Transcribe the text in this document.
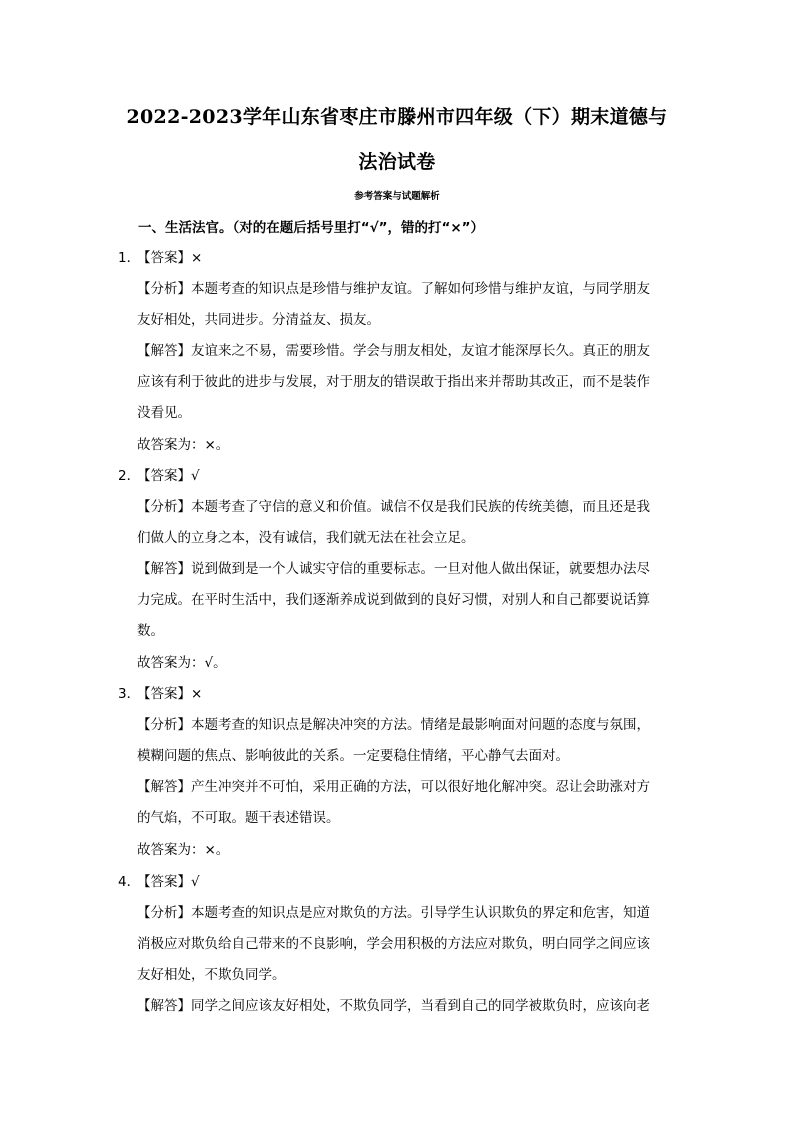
2022-2023学年山东省枣庄市滕州市四年级（下）期末道德与
法治试卷
参考答案与试题解析
一、生活法官。（对的在题后括号里打“√”，错的打“×”）
1．
【答案】×
【分析】本题考查的知识点是珍惜与维护友谊。了解如何珍惜与维护友谊，与同学朋友
友好相处，共同进步。分清益友、损友。
【解答】友谊来之不易，需要珍惜。学会与朋友相处，友谊才能深厚长久。真正的朋友
应该有利于彼此的进步与发展，对于朋友的错误敢于指出来并帮助其改正，而不是装作
没看见。
故答案为：×。
2．
【答案】√
【分析】本题考查了守信的意义和价值。诚信不仅是我们民族的传统美德，而且还是我
们做人的立身之本，没有诚信，我们就无法在社会立足。
【解答】说到做到是一个人诚实守信的重要标志。一旦对他人做出保证，就要想办法尽
力完成。在平时生活中，我们逐渐养成说到做到的良好习惯，对别人和自己都要说话算
数。
故答案为：√。
3．
【答案】×
【分析】本题考查的知识点是解决冲突的方法。情绪是最影响面对问题的态度与氛围，
模糊问题的焦点、影响彼此的关系。一定要稳住情绪，平心静气去面对。
【解答】产生冲突并不可怕，采用正确的方法，可以很好地化解冲突。忍让会助涨对方
的气焰，不可取。题干表述错误。
故答案为：×。
4．
【答案】√
【分析】本题考查的知识点是应对欺负的方法。引导学生认识欺负的界定和危害，知道
消极应对欺负给自己带来的不良影响，学会用积极的方法应对欺负，明白同学之间应该
友好相处，不欺负同学。
【解答】同学之间应该友好相处，不欺负同学，当看到自己的同学被欺负时，应该向老
